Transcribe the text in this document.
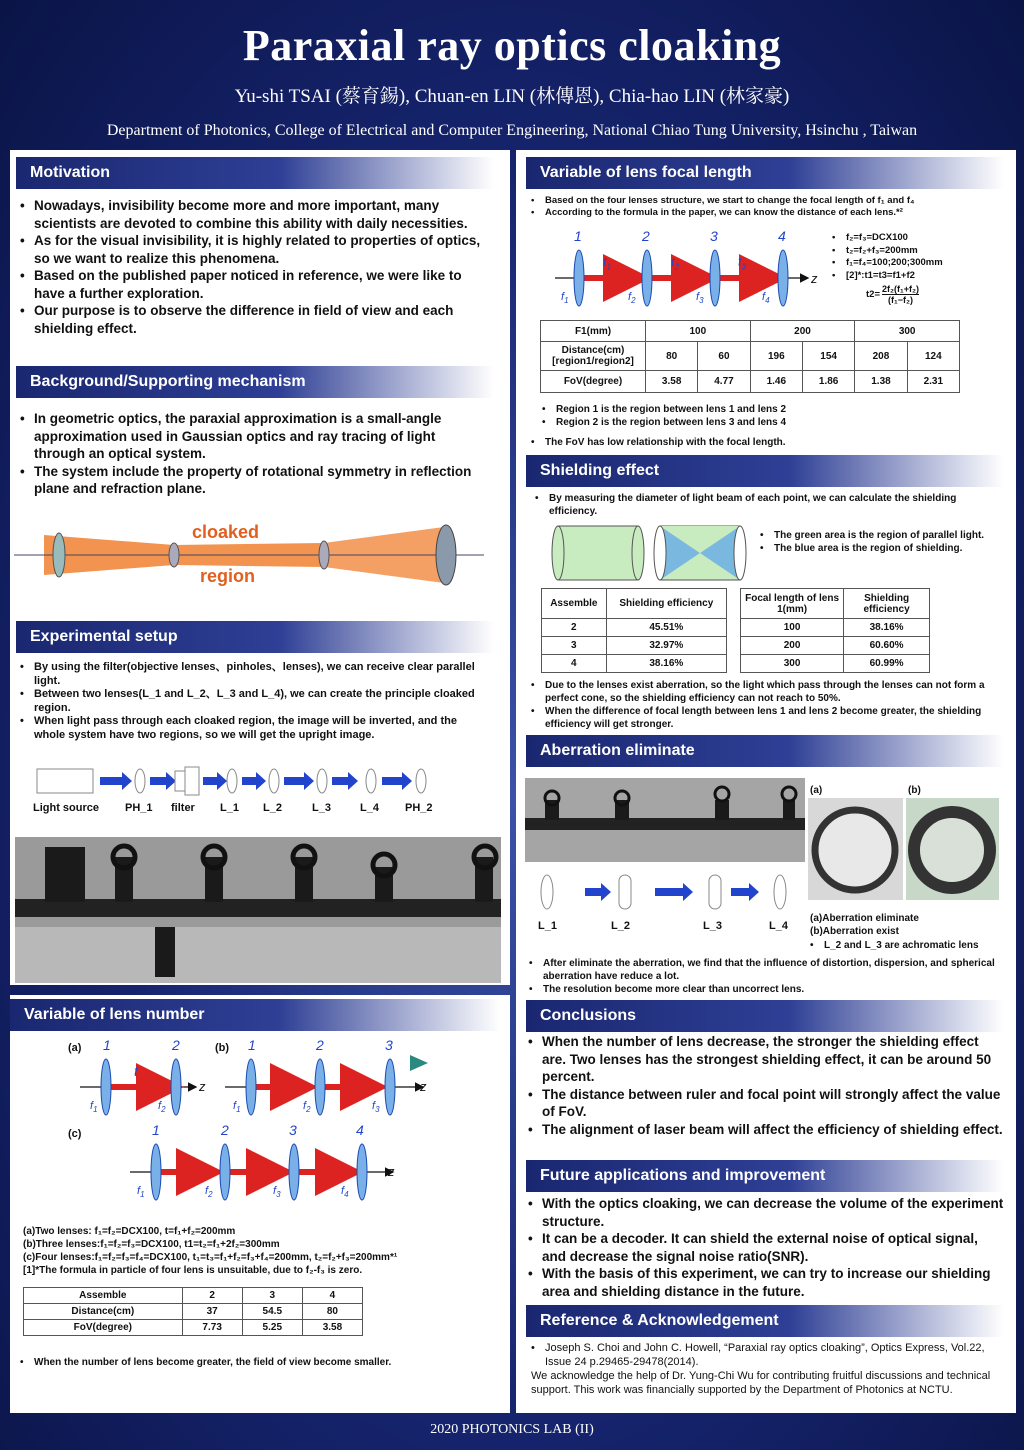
Paraxial ray optics cloaking
Yu-shi TSAI (蔡育錫), Chuan-en LIN (林傳恩), Chia-hao LIN (林家豪)
Department of Photonics, College of Electrical and Computer Engineering, National Chiao Tung University, Hsinchu , Taiwan
Motivation
• Nowadays, invisibility become more and more important, many scientists are devoted to combine this ability with daily necessities.
• As for the visual invisibility, it is highly related to properties of optics, so we want to realize this phenomena.
• Based on the published paper noticed in reference, we were like to have a further exploration.
• Our purpose is to observe the difference in field of view and each shielding effect.
Background/Supporting mechanism
• In geometric optics, the paraxial approximation is a small-angle approximation used in Gaussian optics and ray tracing of light through an optical system.
• The system include the property of rotational symmetry in reflection plane and refraction plane.
cloaked
region
Experimental setup
• By using the filter(objective lenses、pinholes、lenses), we can receive clear parallel light.
• Between two lenses(L_1 and L_2、L_3 and L_4), we can create the principle cloaked region.
• When light pass through each cloaked region, the image will be inverted, and the whole system have two regions, so we will get the upright image.
Light source PH_1 filter L_1 L_2	L_3	L_4 PH_2
Variable of lens number
(a)	(b)
(c)
1	2	1	2	3
1	2	3	4
t
z	z
z
$f_1$	$f_2$	$f_1$	$f_2$	$f_3$
$f_1$	$f_2$	$f_3$	$f_4$
(a)Two lenses: f₁=f₂=DCX100, t=f₁+f₂=200mm
(b)Three lenses:f₁=f₂=f₃=DCX100, t1=t₂=f₁+2f₂=300mm
(c)Four lenses:f₁=f₂=f₃=f₄=DCX100, t₁=t₃=f₁+f₂=f₃+f₄=200mm, t₂=f₂+f₃=200mm*¹
[1]*The formula in particle of four lens is unsuitable, due to f₂-f₃ is zero.
Assemble	2	3	4
Distance(cm)	37	54.5	80
FoV(degree)	7.73	5.25	3.58
• When the number of lens become greater, the field of view become smaller.
Variable of lens focal length
• Based on the four lenses structure, we start to change the focal length of f₁ and f₄
• According to the formula in the paper, we can know the distance of each lens.*²
1	2	3	4
z
$t_1$	$t_2$	$t_3$
$f_1$	$f_2$	$f_3$	$f_4$
• f₂=f₃=DCX100
• t₂=f₂+f₃=200mm
• f₁=f₄=100;200;300mm
• [2]*:t1=t3=f1+f2
$t2= \frac{\text{2f₂(f₁+f₂)}}{\text{(f₁−f₂)}}$
F1(mm)	100		200		300	
Distance(cm) [region1/region2]	80	60	196	154	208	124
FoV(degree)	3.58	4.77	1.46	1.86	1.38	2.31
• Region 1 is the region between lens 1 and lens 2
• Region 2 is the region between lens 3 and lens 4
• The FoV has low relationship with the focal length.
Shielding effect
• By measuring the diameter of light beam of each point, we can calculate the shielding efficiency.
• The green area is the region of parallel light.
• The blue area is the region of shielding.
Assemble	Shielding efficiency
2	45.51%
3	32.97%
4	38.16%
Focal length of lens 1(mm)	Shielding efficiency
100	38.16%
200	60.60%
300	60.99%
• Due to the lenses exist aberration, so the light which pass through the lenses can not form a perfect cone, so the shielding efficiency can not reach to 50%.
• When the difference of focal length between lens 1 and lens 2 become greater, the shielding efficiency will get stronger.
Aberration eliminate
(a)	(b)
L_1	L_2	L_3	L_4
(a)Aberration eliminate
(b)Aberration exist
• L_2 and L_3 are achromatic lens
• After eliminate the aberration, we find that the influence of distortion, dispersion, and spherical aberration have reduce a lot.
• The resolution become more clear than uncorrect lens.
Conclusions
• When the number of lens decrease, the stronger the shielding effect are. Two lenses has the strongest shielding effect, it can be around 50 percent.
• The distance between ruler and focal point will strongly affect the value of FoV.
• The alignment of laser beam will affect the efficiency of shielding effect.
Future applications and improvement
• With the optics cloaking, we can decrease the volume of the experiment structure.
• It can be a decoder. It can shield the external noise of optical signal, and decrease the signal noise ratio(SNR).
• With the basis of this experiment, we can try to increase our shielding area and shielding distance in the future.
Reference & Acknowledgement
• Joseph S. Choi and John C. Howell, “Paraxial ray optics cloaking”, Optics Express, Vol.22, Issue 24 p.29465-29478(2014).
We acknowledge the help of Dr. Yung-Chi Wu for contributing fruitful discussions and technical support. This work was financially supported by the Department of Photonics at NCTU.
2020 PHOTONICS LAB (II)
